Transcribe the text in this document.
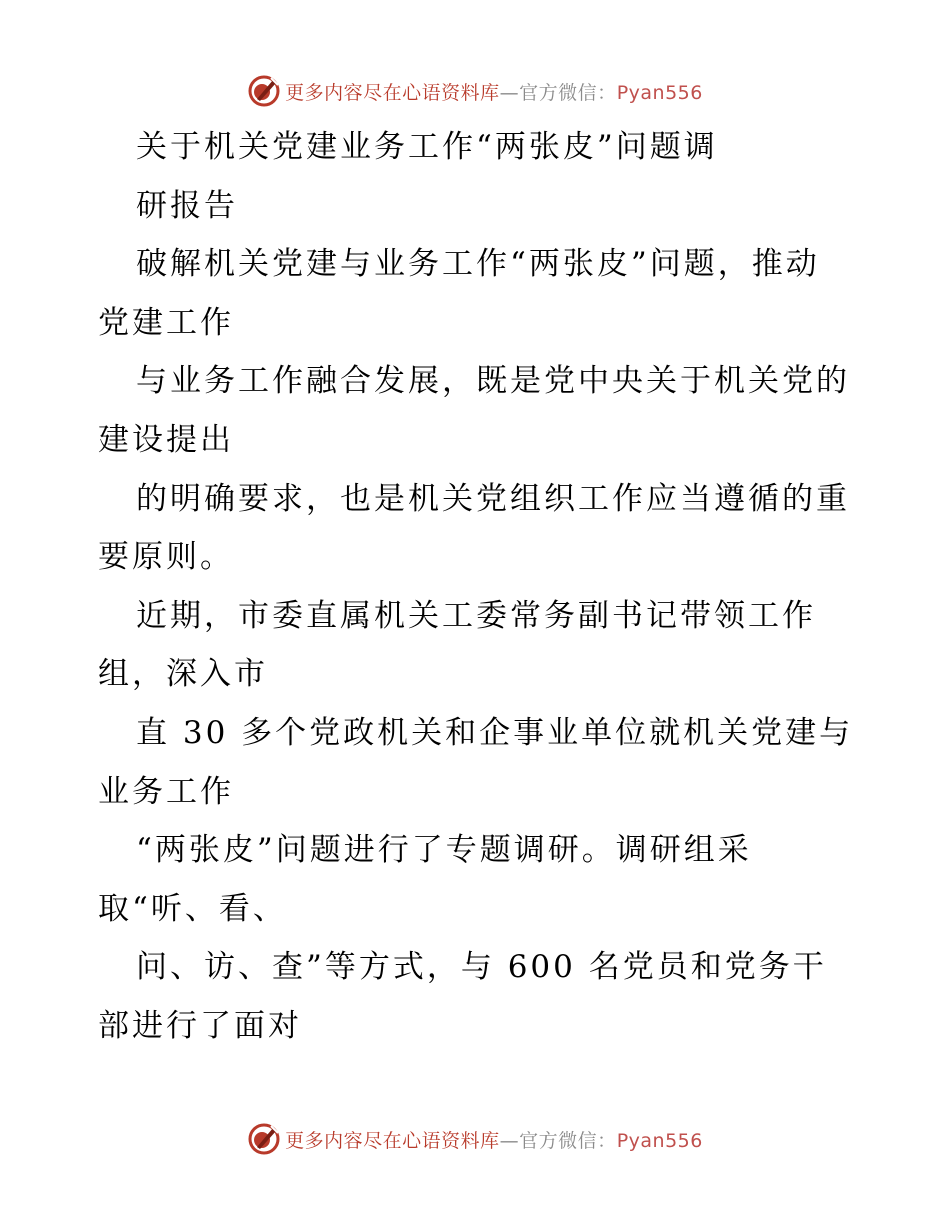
更多内容尽在心语资料库—官方微信：Pyan556
关于机关党建业务工作“两张皮”问题调
研报告
破解机关党建与业务工作“两张皮”问题，推动
党建工作
与业务工作融合发展，既是党中央关于机关党的
建设提出
的明确要求，也是机关党组织工作应当遵循的重
要原则。
近期，市委直属机关工委常务副书记带领工作
组，深入市
直 30 多个党政机关和企事业单位就机关党建与
业务工作
“两张皮”问题进行了专题调研。调研组采
取“听、看、
问、访、查”等方式，与 600 名党员和党务干
部进行了面对
更多内容尽在心语资料库—官方微信：Pyan556
